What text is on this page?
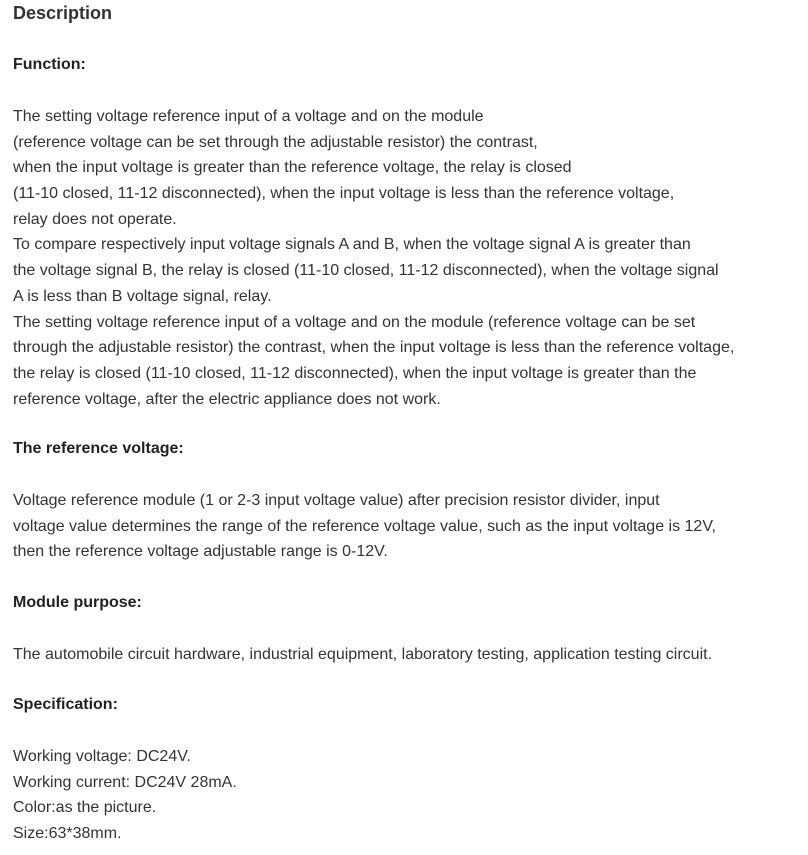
Description
Function:
The setting voltage reference input of a voltage and on the module
(reference voltage can be set through the adjustable resistor) the contrast,
when the input voltage is greater than the reference voltage, the relay is closed
(11-10 closed, 11-12 disconnected), when the input voltage is less than the reference voltage,
relay does not operate.
To compare respectively input voltage signals A and B, when the voltage signal A is greater than
the voltage signal B, the relay is closed (11-10 closed, 11-12 disconnected), when the voltage signal
A is less than B voltage signal, relay.
The setting voltage reference input of a voltage and on the module (reference voltage can be set
through the adjustable resistor) the contrast, when the input voltage is less than the reference voltage,
the relay is closed (11-10 closed, 11-12 disconnected), when the input voltage is greater than the
reference voltage, after the electric appliance does not work.
The reference voltage:
Voltage reference module (1 or 2-3 input voltage value) after precision resistor divider, input
voltage value determines the range of the reference voltage value, such as the input voltage is 12V,
then the reference voltage adjustable range is 0-12V.
Module purpose:
The automobile circuit hardware, industrial equipment, laboratory testing, application testing circuit.
Specification:
Working voltage: DC24V.
Working current: DC24V 28mA.
Color:as the picture.
Size:63*38mm.
